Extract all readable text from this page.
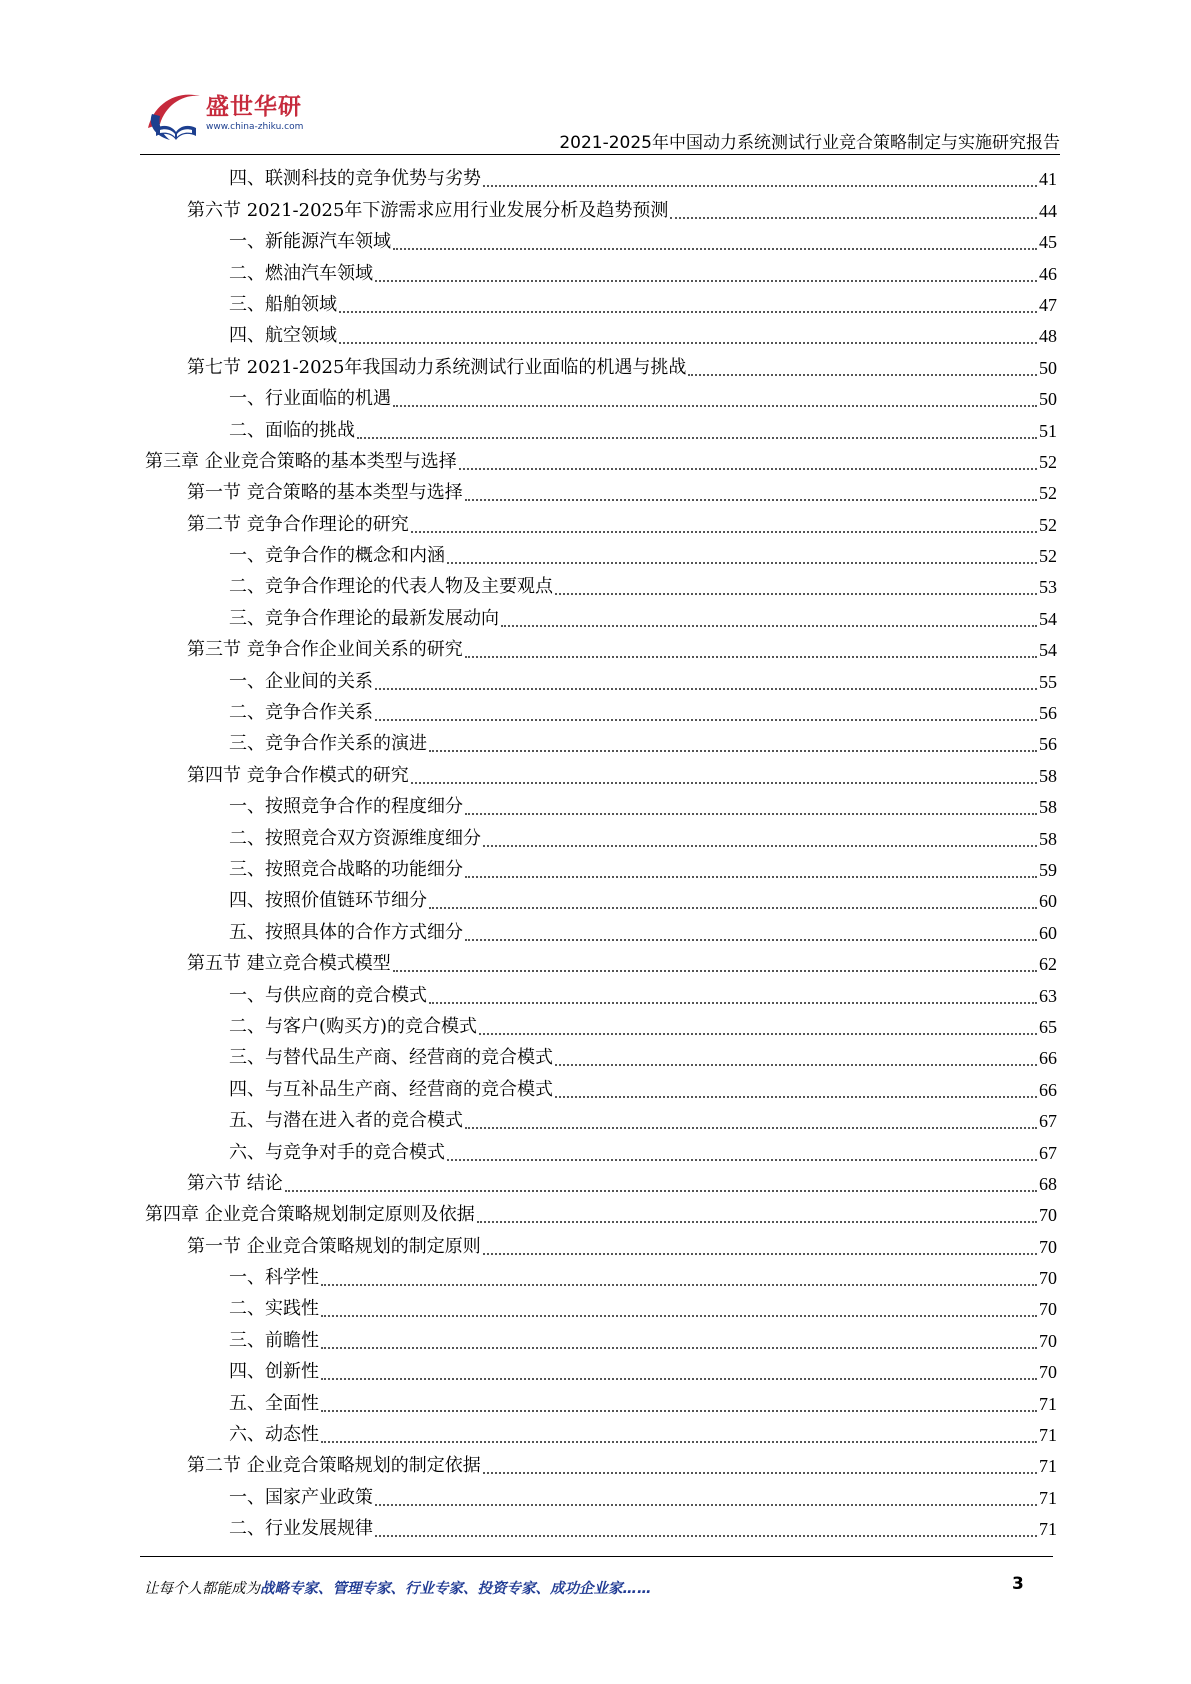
盛世华研
www.china-zhiku.com
2021-2025年中国动力系统测试行业竞合策略制定与实施研究报告
四、联测科技的竞争优势与劣势	41
第六节 2021-2025年下游需求应用行业发展分析及趋势预测	44
一、新能源汽车领域	45
二、燃油汽车领域	46
三、船舶领域	47
四、航空领域	48
第七节 2021-2025年我国动力系统测试行业面临的机遇与挑战	50
一、行业面临的机遇	50
二、面临的挑战	51
第三章 企业竞合策略的基本类型与选择	52
第一节 竞合策略的基本类型与选择	52
第二节 竞争合作理论的研究	52
一、竞争合作的概念和内涵	52
二、竞争合作理论的代表人物及主要观点	53
三、竞争合作理论的最新发展动向	54
第三节 竞争合作企业间关系的研究	54
一、企业间的关系	55
二、竞争合作关系	56
三、竞争合作关系的演进	56
第四节 竞争合作模式的研究	58
一、按照竞争合作的程度细分	58
二、按照竞合双方资源维度细分	58
三、按照竞合战略的功能细分	59
四、按照价值链环节细分	60
五、按照具体的合作方式细分	60
第五节 建立竞合模式模型	62
一、与供应商的竞合模式	63
二、与客户(购买方)的竞合模式	65
三、与替代品生产商、经营商的竞合模式	66
四、与互补品生产商、经营商的竞合模式	66
五、与潜在进入者的竞合模式	67
六、与竞争对手的竞合模式	67
第六节 结论	68
第四章 企业竞合策略规划制定原则及依据	70
第一节 企业竞合策略规划的制定原则	70
一、科学性	70
二、实践性	70
三、前瞻性	70
四、创新性	70
五、全面性	71
六、动态性	71
第二节 企业竞合策略规划的制定依据	71
一、国家产业政策	71
二、行业发展规律	71
让每个人都能成为战略专家、管理专家、行业专家、投资专家、成功企业家……	3
